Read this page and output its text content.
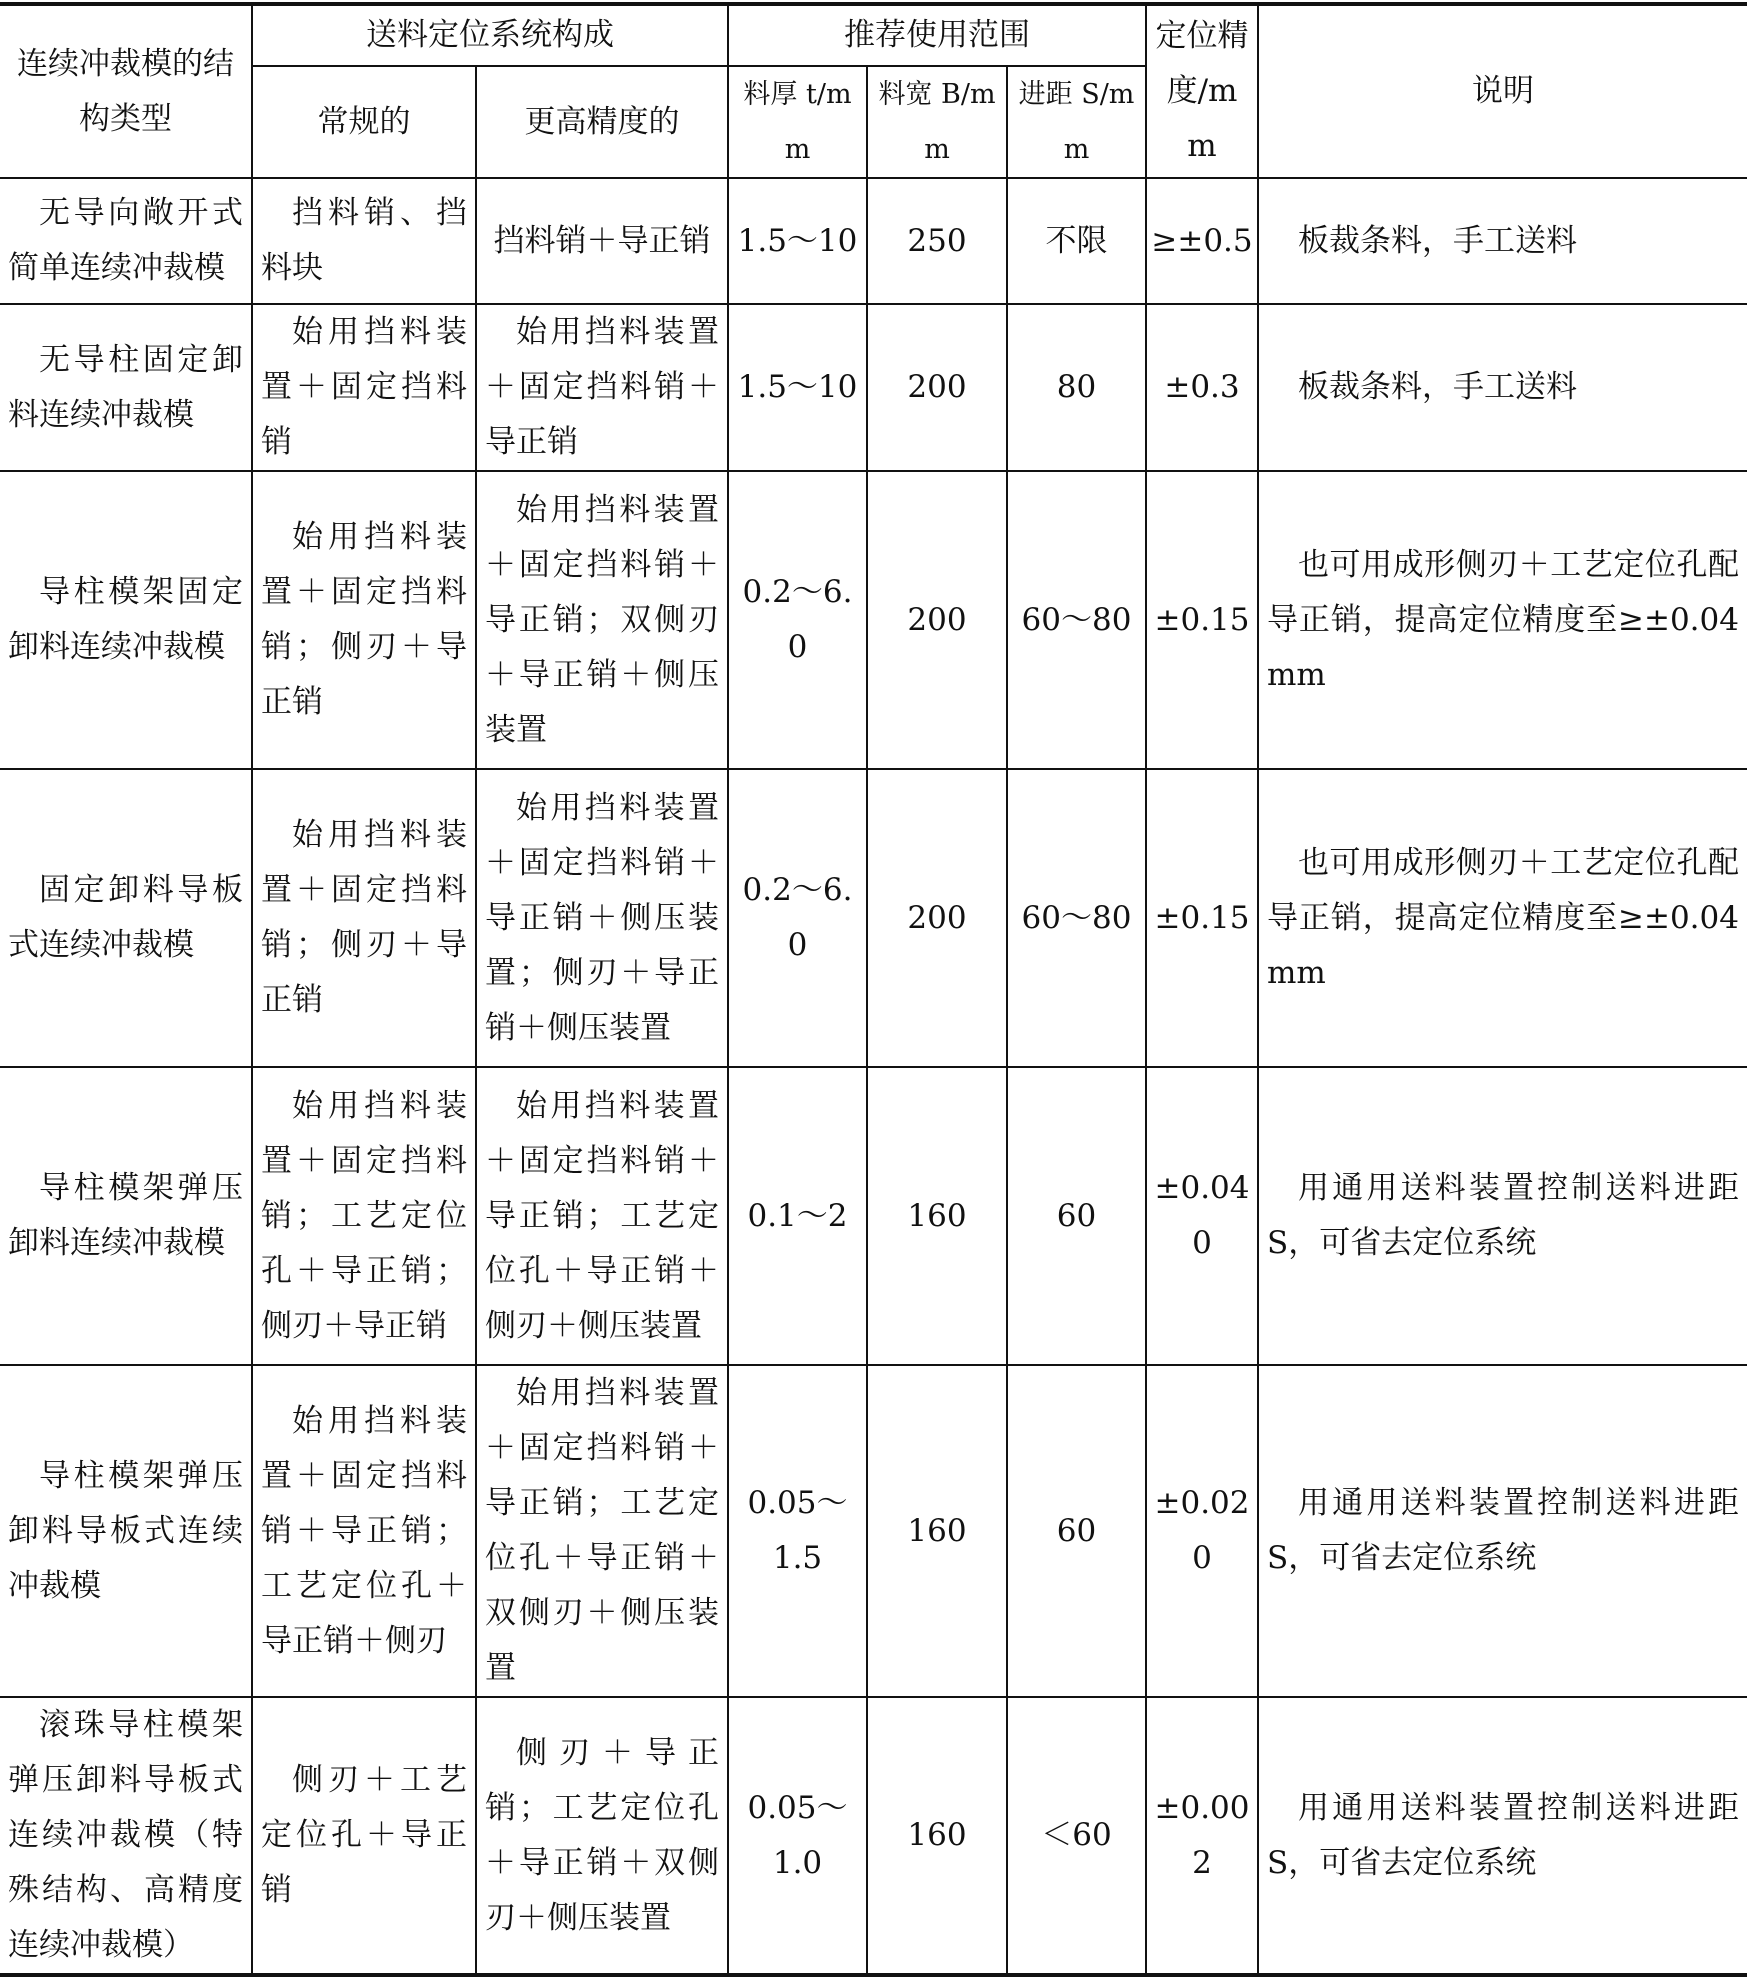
连续冲裁模的结构类型	送料定位系统构成		推荐使用范围			定位精度/mm	说明
	常规的	更高精度的	料厚 t/mm	料宽 B/mm	进距 S/mm		
无导向敞开式简单连续冲裁模	挡料销、挡料块	挡料销＋导正销	1.5～10	250	不限	≥±0.5	板裁条料，手工送料
无导柱固定卸料连续冲裁模	始用挡料装置＋固定挡料销	始用挡料装置＋固定挡料销＋导正销	1.5～10	200	80	±0.3	板裁条料，手工送料
导柱模架固定卸料连续冲裁模	始用挡料装置＋固定挡料销；侧刃＋导正销	始用挡料装置＋固定挡料销＋导正销；双侧刃＋导正销＋侧压装置	0.2～6.0	200	60～80	±0.15	也可用成形侧刃＋工艺定位孔配导正销，提高定位精度至≥±0.04mm
固定卸料导板式连续冲裁模	始用挡料装置＋固定挡料销；侧刃＋导正销	始用挡料装置＋固定挡料销＋导正销＋侧压装置；侧刃＋导正销＋侧压装置	0.2～6.0	200	60～80	±0.15	也可用成形侧刃＋工艺定位孔配导正销，提高定位精度至≥±0.04mm
导柱模架弹压卸料连续冲裁模	始用挡料装置＋固定挡料销；工艺定位孔＋导正销；侧刃＋导正销	始用挡料装置＋固定挡料销＋导正销；工艺定位孔＋导正销＋侧刃＋侧压装置	0.1～2	160	60	±0.040	用通用送料装置控制送料进距S，可省去定位系统
导柱模架弹压卸料导板式连续冲裁模	始用挡料装置＋固定挡料销＋导正销；工艺定位孔＋导正销＋侧刃	始用挡料装置＋固定挡料销＋导正销；工艺定位孔＋导正销＋双侧刃＋侧压装置	0.05～1.5	160	60	±0.020	用通用送料装置控制送料进距S，可省去定位系统
滚珠导柱模架弹压卸料导板式连续冲裁模（特殊结构、高精度连续冲裁模）	侧刃＋工艺定位孔＋导正销	侧刃＋导正销；工艺定位孔＋导正销＋双侧刃＋侧压装置	0.05～1.0	160	＜60	±0.002	用通用送料装置控制送料进距S，可省去定位系统
